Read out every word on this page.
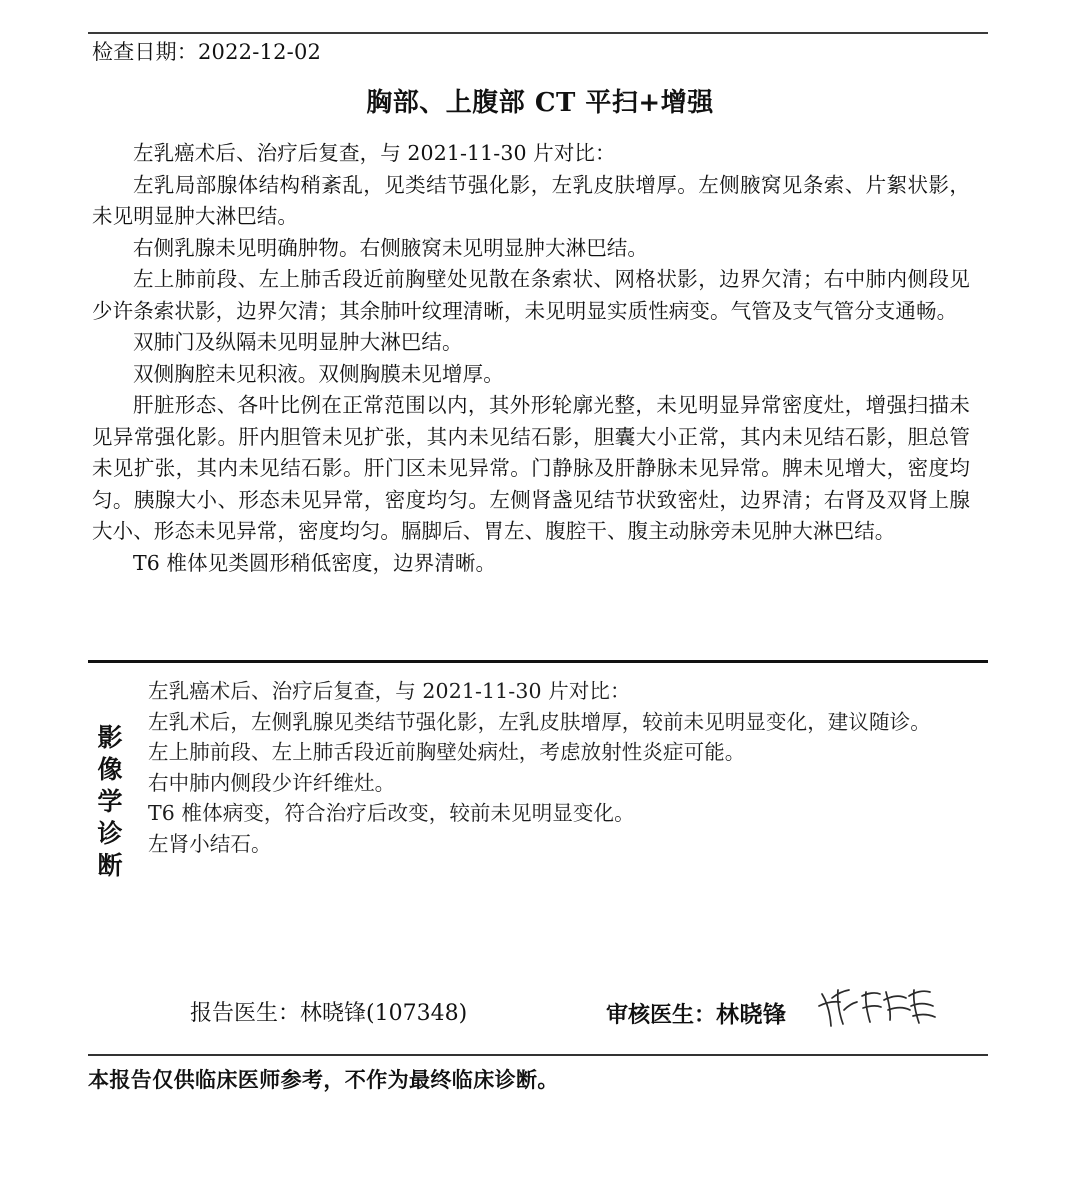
检查日期：2022-12-02
胸部、上腹部 CT 平扫+增强

左乳癌术后、治疗后复查，与 2021-11-30 片对比：

左乳局部腺体结构稍紊乱，见类结节强化影，左乳皮肤增厚。左侧腋窝见条索、片絮状影，未见明显肿大淋巴结。

右侧乳腺未见明确肿物。右侧腋窝未见明显肿大淋巴结。

左上肺前段、左上肺舌段近前胸壁处见散在条索状、网格状影，边界欠清；右中肺内侧段见少许条索状影，边界欠清；其余肺叶纹理清晰，未见明显实质性病变。气管及支气管分支通畅。

双肺门及纵隔未见明显肿大淋巴结。

双侧胸腔未见积液。双侧胸膜未见增厚。

肝脏形态、各叶比例在正常范围以内，其外形轮廓光整，未见明显异常密度灶，增强扫描未见异常强化影。肝内胆管未见扩张，其内未见结石影，胆囊大小正常，其内未见结石影，胆总管未见扩张，其内未见结石影。肝门区未见异常。门静脉及肝静脉未见异常。脾未见增大，密度均匀。胰腺大小、形态未见异常，密度均匀。左侧肾盏见结节状致密灶，边界清；右肾及双肾上腺大小、形态未见异常，密度均匀。膈脚后、胃左、腹腔干、腹主动脉旁未见肿大淋巴结。

T6 椎体见类圆形稍低密度，边界清晰。

影
像
学
诊
断

左乳癌术后、治疗后复查，与 2021-11-30 片对比：

左乳术后，左侧乳腺见类结节强化影，左乳皮肤增厚，较前未见明显变化，建议随诊。

左上肺前段、左上肺舌段近前胸壁处病灶，考虑放射性炎症可能。

右中肺内侧段少许纤维灶。

T6 椎体病变，符合治疗后改变，较前未见明显变化。

左肾小结石。

报告医生：林晓锋(107348)	审核医生： 林晓锋
本报告仅供临床医师参考，不作为最终临床诊断。
